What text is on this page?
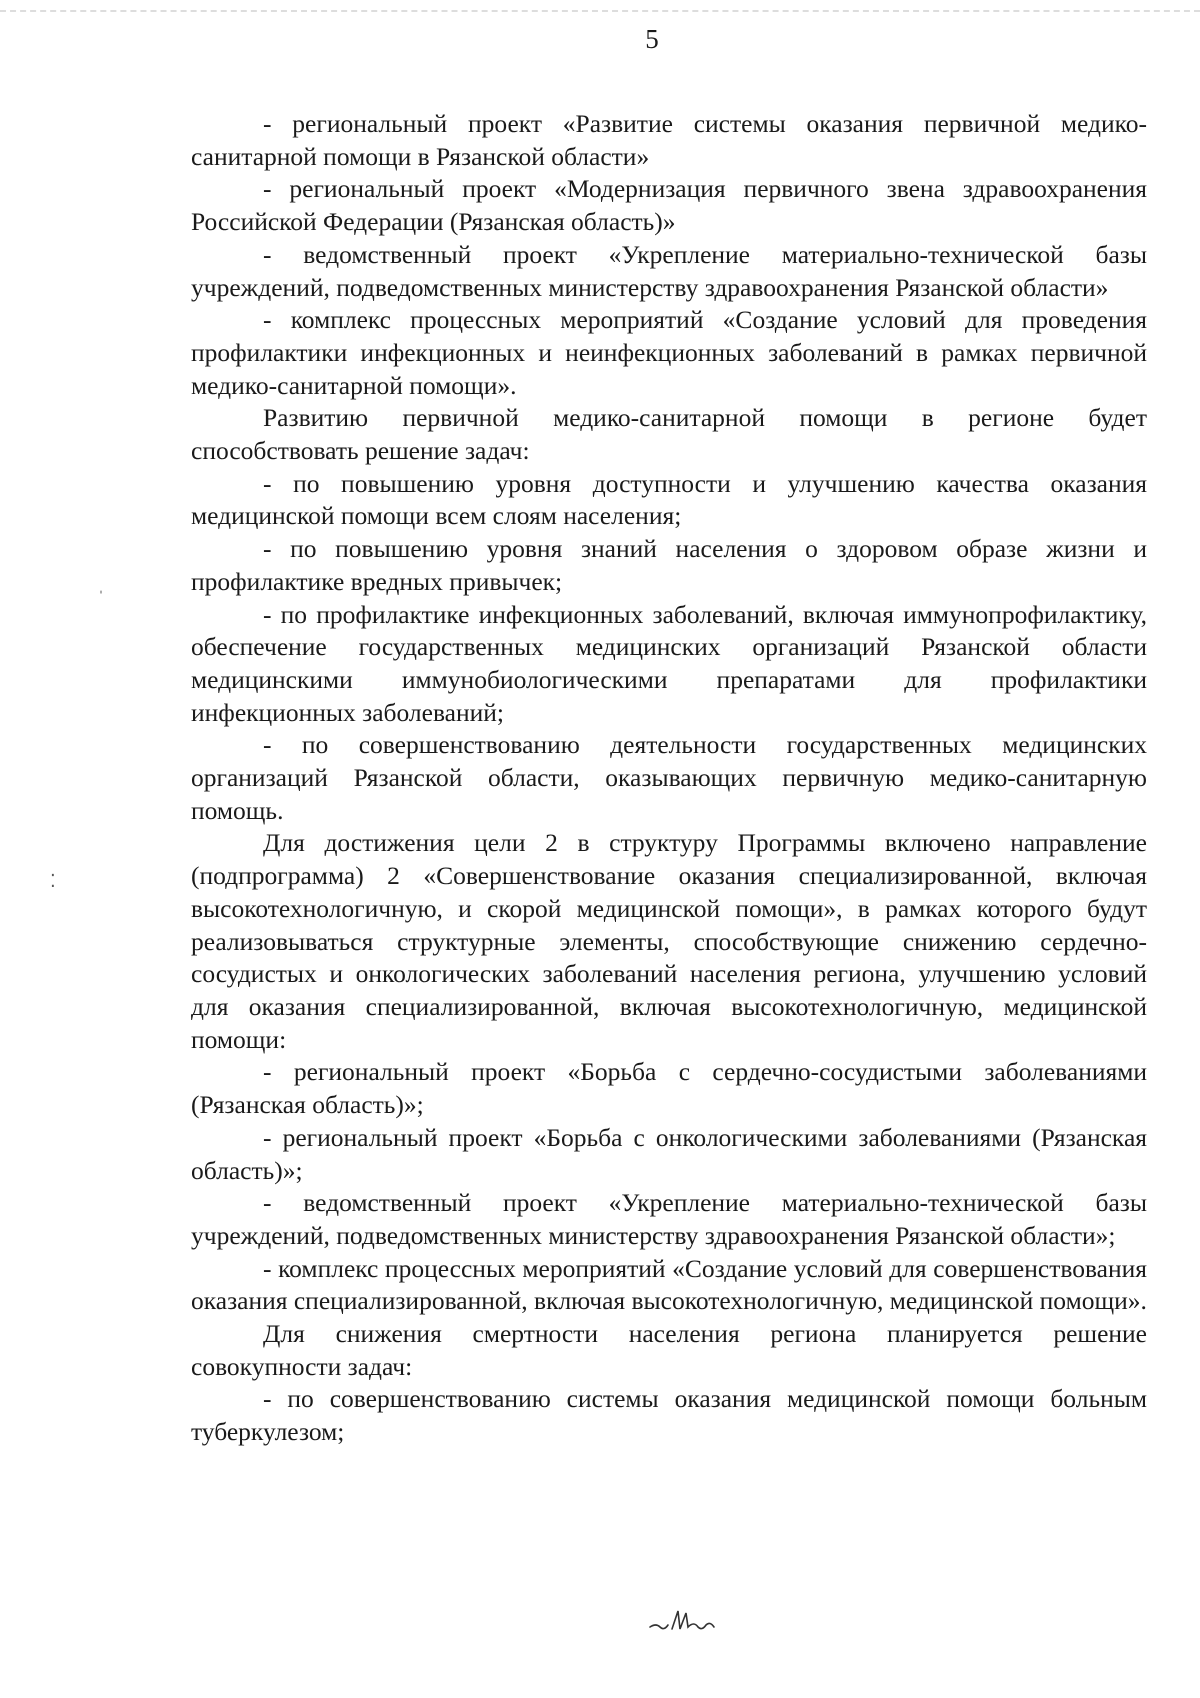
5

- региональный проект «Развитие системы оказания первичной медико-санитарной помощи в Рязанской области»

- региональный проект «Модернизация первичного звена здравоохранения Российской Федерации (Рязанская область)»

- ведомственный проект «Укрепление материально-технической базы учреждений, подведомственных министерству здравоохранения Рязанской области»

- комплекс процессных мероприятий «Создание условий для проведения профилактики инфекционных и неинфекционных заболеваний в рамках первичной медико-санитарной помощи».

Развитию первичной медико-санитарной помощи в регионе будет способствовать решение задач:

- по повышению уровня доступности и улучшению качества оказания медицинской помощи всем слоям населения;

- по повышению уровня знаний населения о здоровом образе жизни и профилактике вредных привычек;

- по профилактике инфекционных заболеваний, включая иммунопрофилактику, обеспечение государственных медицинских организаций Рязанской области медицинскими иммунобиологическими препаратами для профилактики инфекционных заболеваний;

- по совершенствованию деятельности государственных медицинских организаций Рязанской области, оказывающих первичную медико-санитарную помощь.

Для достижения цели 2 в структуру Программы включено направление (подпрограмма) 2 «Совершенствование оказания специализированной, включая высокотехнологичную, и скорой медицинской помощи», в рамках которого будут реализовываться структурные элементы, способствующие снижению сердечно-сосудистых и онкологических заболеваний населения региона, улучшению условий для оказания специализированной, включая высокотехнологичную, медицинской помощи:

- региональный проект «Борьба с сердечно-сосудистыми заболеваниями (Рязанская область)»;

- региональный проект «Борьба с онкологическими заболеваниями (Рязанская область)»;

- ведомственный проект «Укрепление материально-технической базы учреждений, подведомственных министерству здравоохранения Рязанской области»;

- комплекс процессных мероприятий «Создание условий для совершенствования оказания специализированной, включая высокотехнологичную, медицинской помощи».

Для снижения смертности населения региона планируется решение совокупности задач:

- по совершенствованию системы оказания медицинской помощи больным туберкулезом;

ˈ
⁚
